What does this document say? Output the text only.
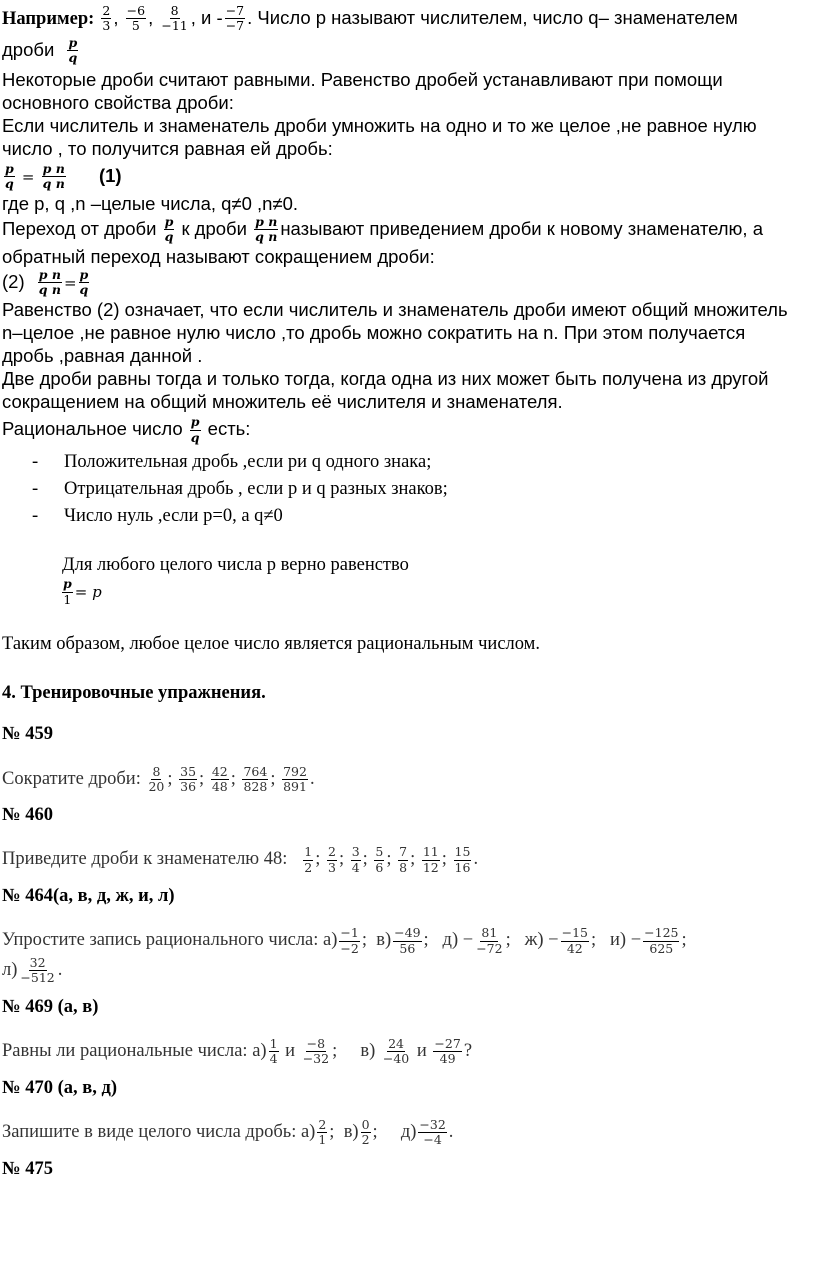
Например: $\frac{2}{3}$ , $\frac{-6}{5}$ , $\frac{8}{-11}$ , и - $\frac{-7}{-7}$ . Число p называют числителем, число q– знаменателем
дроби $\frac{p}{q}$
Некоторые дроби считают равными. Равенство дробей устанавливают при помощи
основного свойства дроби:
Если числитель и знаменатель дроби умножить на одно и то же целое ,не равное нулю
число , то получится равная ей дробь:
$\frac{p}{q} = \frac{\text{p n}}{\text{q n}} (1)$
где p, q ,n –целые числа, q≠0 ,n≠0.
Переход от дроби $\frac{p}{q}$ к дроби $\frac{\text{p n}}{\text{q n}}$ называют приведением дроби к новому знаменателю, а
обратный переход называют сокращением дроби:
$(2) \frac{\text{p n}}{\text{q n}} = \frac{p}{q}$
Равенство (2) означает, что если числитель и знаменатель дроби имеют общий множитель
n–целое ,не равное нулю число ,то дробь можно сократить на n. При этом получается
дробь ,равная данной .
Две дроби равны тогда и только тогда, когда одна из них может быть получена из другой
сокращением на общий множитель её числителя и знаменателя.
Рациональное число $\frac{p}{q}$ есть:
- Положительная дробь ,если ри q одного знака;
- Отрицательная дробь , если p и q разных знаков;
- Число нуль ,если p=0, а q≠0
Для любого целого числа p верно равенство
$\frac{p}{1} = p$
Таким образом, любое целое число является рациональным числом.
4. Тренировочные упражнения.
№ 459
Сократите дроби: $\frac{8}{20}$ ; $\frac{35}{36}$ ; $\frac{42}{48}$ ; $\frac{764}{828}$ ; $\frac{792}{891}$ .
№ 460
Приведите дроби к знаменателю 48: $\frac{1}{2}$ ; $\frac{2}{3}$ ; $\frac{3}{4}$ ; $\frac{5}{6}$ ; $\frac{7}{8}$ ; $\frac{11}{12}$ ; $\frac{15}{16}$ .
№ 464(а, в, д, ж, и, л)
Упростите запись рационального числа: $а) \frac{-1}{-2}$ ;  $в) \frac{-49}{56}$ ;   $д) - \frac{81}{-72}$ ;   $ж) - \frac{-15}{42}$ ;   $и) - \frac{-125}{625}$ ;
$л) \frac{32}{-512}$ .
№ 469 (а, в)
Равны ли рациональные числа: $а) \frac{1}{4}$ и $\frac{-8}{-32}$ ;     $в) \frac{24}{-40}$ и $\frac{-27}{49}$ ?
№ 470 (а, в, д)
Запишите в виде целого числа дробь: $а) \frac{2}{1}$ ;  $в) \frac{0}{2}$ ;     $д) \frac{-32}{-4}$ .
№ 475
